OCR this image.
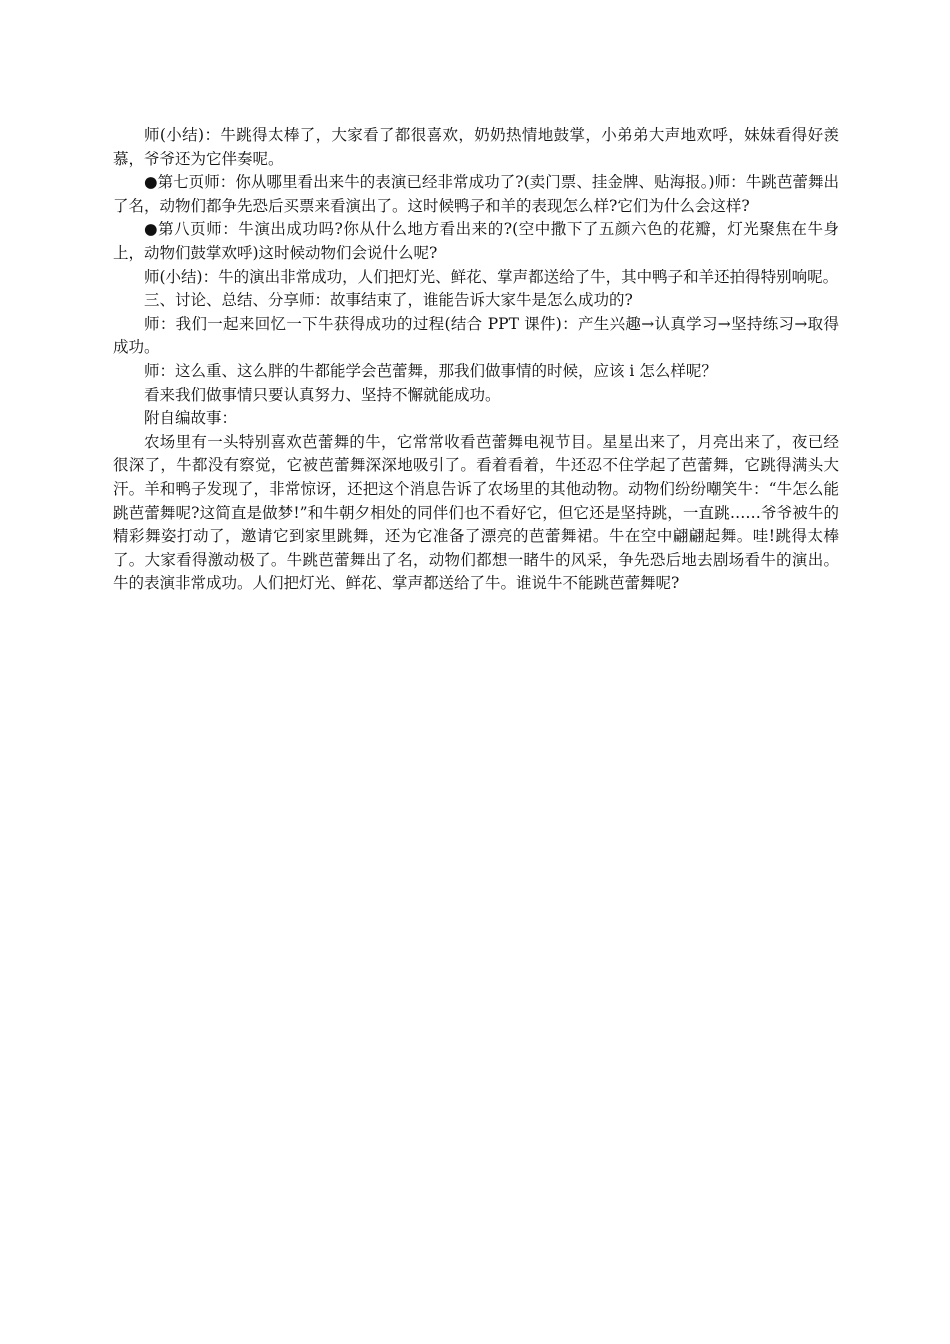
师(小结)：牛跳得太棒了，大家看了都很喜欢，奶奶热情地鼓掌，小弟弟大声地欢呼，妹妹看得好羡慕，爷爷还为它伴奏呢。

●第七页师：你从哪里看出来牛的表演已经非常成功了?(卖门票、挂金牌、贴海报。)师：牛跳芭蕾舞出了名，动物们都争先恐后买票来看演出了。这时候鸭子和羊的表现怎么样?它们为什么会这样?

●第八页师：牛演出成功吗?你从什么地方看出来的?(空中撒下了五颜六色的花瓣，灯光聚焦在牛身上，动物们鼓掌欢呼)这时候动物们会说什么呢?

师(小结)：牛的演出非常成功，人们把灯光、鲜花、掌声都送给了牛，其中鸭子和羊还拍得特别响呢。

三、讨论、总结、分享师：故事结束了，谁能告诉大家牛是怎么成功的?

师：我们一起来回忆一下牛获得成功的过程(结合 PPT 课件)：产生兴趣→认真学习→坚持练习→取得成功。

师：这么重、这么胖的牛都能学会芭蕾舞，那我们做事情的时候，应该 i 怎么样呢？

看来我们做事情只要认真努力、坚持不懈就能成功。

附自编故事：

农场里有一头特别喜欢芭蕾舞的牛，它常常收看芭蕾舞电视节目。星星出来了，月亮出来了，夜已经很深了，牛都没有察觉，它被芭蕾舞深深地吸引了。看着看着，牛还忍不住学起了芭蕾舞，它跳得满头大汗。羊和鸭子发现了，非常惊讶，还把这个消息告诉了农场里的其他动物。动物们纷纷嘲笑牛：“牛怎么能跳芭蕾舞呢?这简直是做梦!”和牛朝夕相处的同伴们也不看好它，但它还是坚持跳，一直跳……爷爷被牛的精彩舞姿打动了，邀请它到家里跳舞，还为它准备了漂亮的芭蕾舞裙。牛在空中翩翩起舞。哇!跳得太棒了。大家看得激动极了。牛跳芭蕾舞出了名，动物们都想一睹牛的风采，争先恐后地去剧场看牛的演出。牛的表演非常成功。人们把灯光、鲜花、掌声都送给了牛。谁说牛不能跳芭蕾舞呢?
